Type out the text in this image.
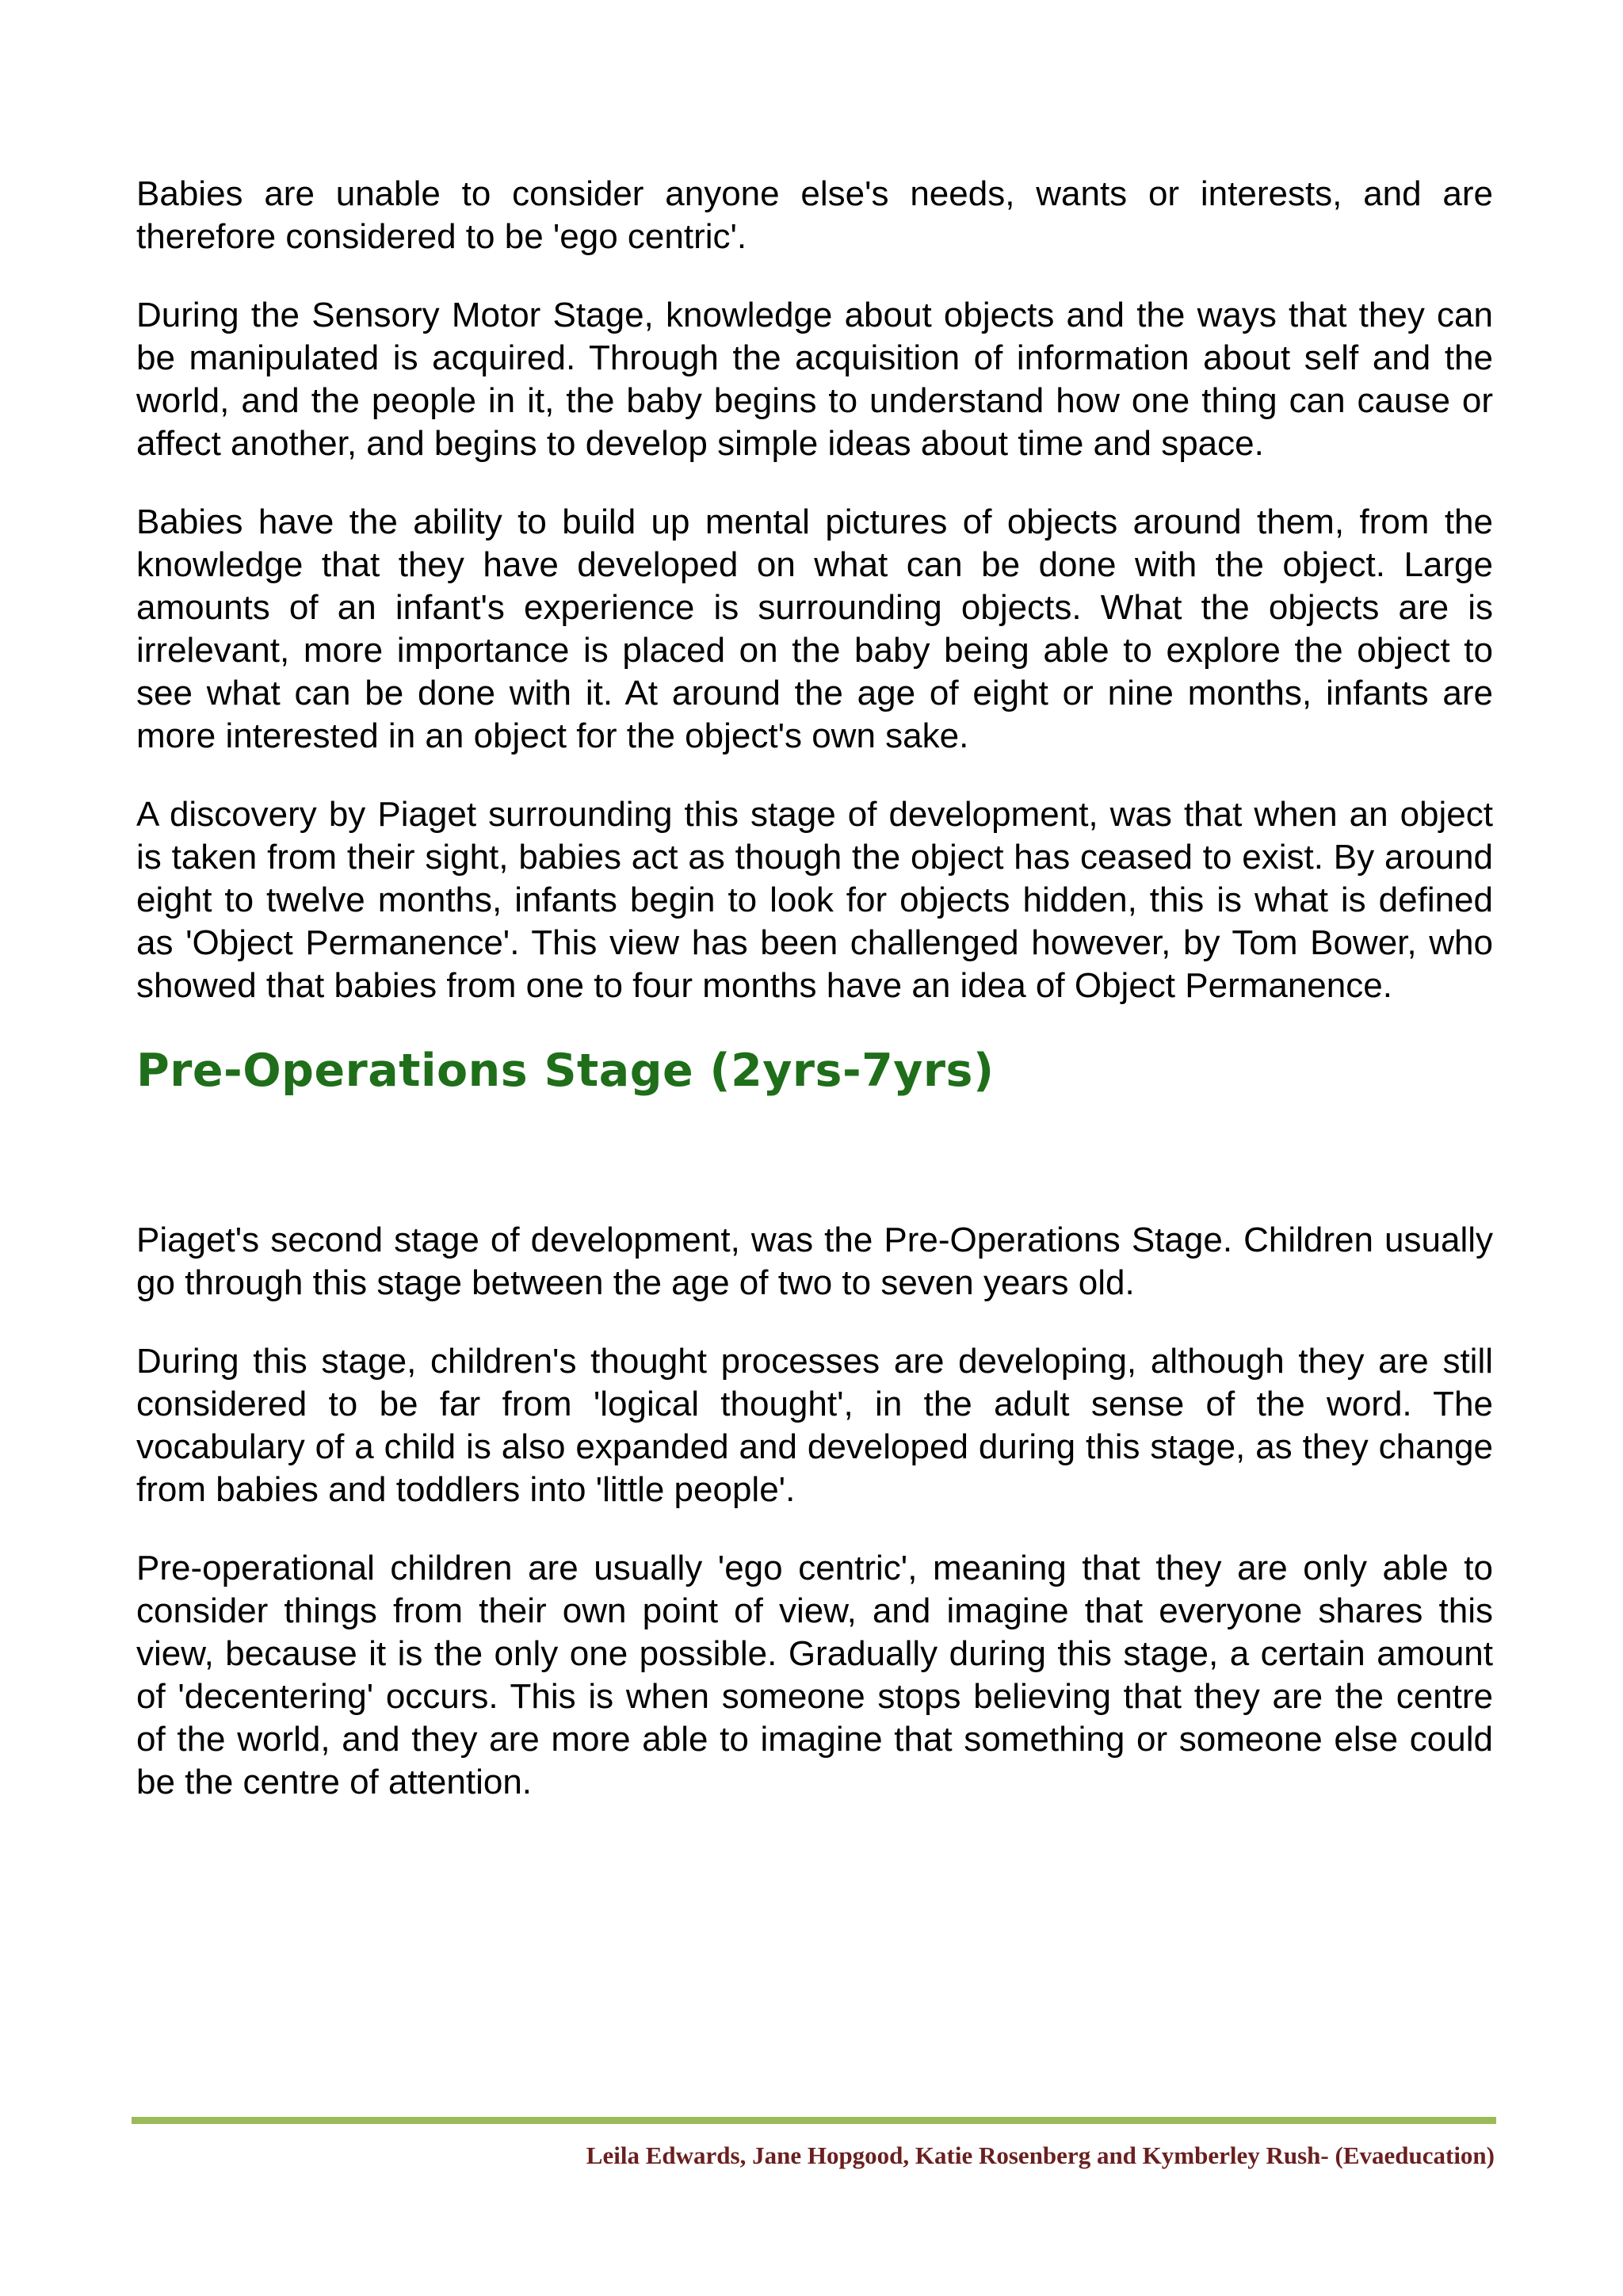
Babies are unable to consider anyone else's needs, wants or interests, and are therefore considered to be 'ego centric'.

During the Sensory Motor Stage, knowledge about objects and the ways that they can be manipulated is acquired. Through the acquisition of information about self and the world, and the people in it, the baby begins to understand how one thing can cause or affect another, and begins to develop simple ideas about time and space.

Babies have the ability to build up mental pictures of objects around them, from the knowledge that they have developed on what can be done with the object. Large amounts of an infant's experience is surrounding objects. What the objects are is irrelevant, more importance is placed on the baby being able to explore the object to see what can be done with it. At around the age of eight or nine months, infants are more interested in an object for the object's own sake.

A discovery by Piaget surrounding this stage of development, was that when an object is taken from their sight, babies act as though the object has ceased to exist. By around eight to twelve months, infants begin to look for objects hidden, this is what is defined as 'Object Permanence'. This view has been challenged however, by Tom Bower, who showed that babies from one to four months have an idea of Object Permanence.

Pre-Operations Stage (2yrs-7yrs)

Piaget's second stage of development, was the Pre-Operations Stage. Children usually go through this stage between the age of two to seven years old.

During this stage, children's thought processes are developing, although they are still considered to be far from 'logical thought', in the adult sense of the word. The vocabulary of a child is also expanded and developed during this stage, as they change from babies and toddlers into 'little people'.

Pre-operational children are usually 'ego centric', meaning that they are only able to consider things from their own point of view, and imagine that everyone shares this view, because it is the only one possible. Gradually during this stage, a certain amount of 'decentering' occurs. This is when someone stops believing that they are the centre of the world, and they are more able to imagine that something or someone else could be the centre of attention.

Leila Edwards, Jane Hopgood, Katie Rosenberg and Kymberley Rush- (Evaeducation)
